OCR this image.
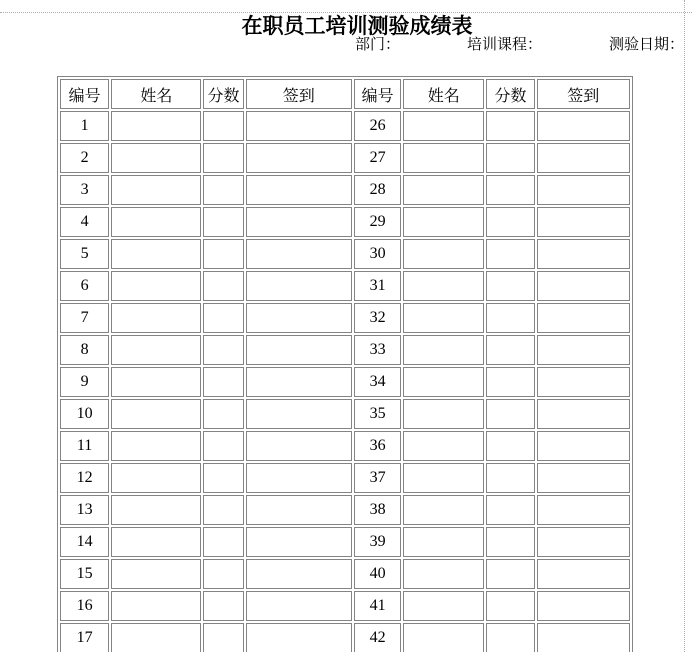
在职员工培训测验成绩表
部门：	培训课程：	测验日期：
编号	姓名	分数	签到	编号	姓名	分数	签到
1				26			
2				27			
3				28			
4				29			
5				30			
6				31			
7				32			
8				33			
9				34			
10				35			
11				36			
12				37			
13				38			
14				39			
15				40			
16				41			
17				42			
